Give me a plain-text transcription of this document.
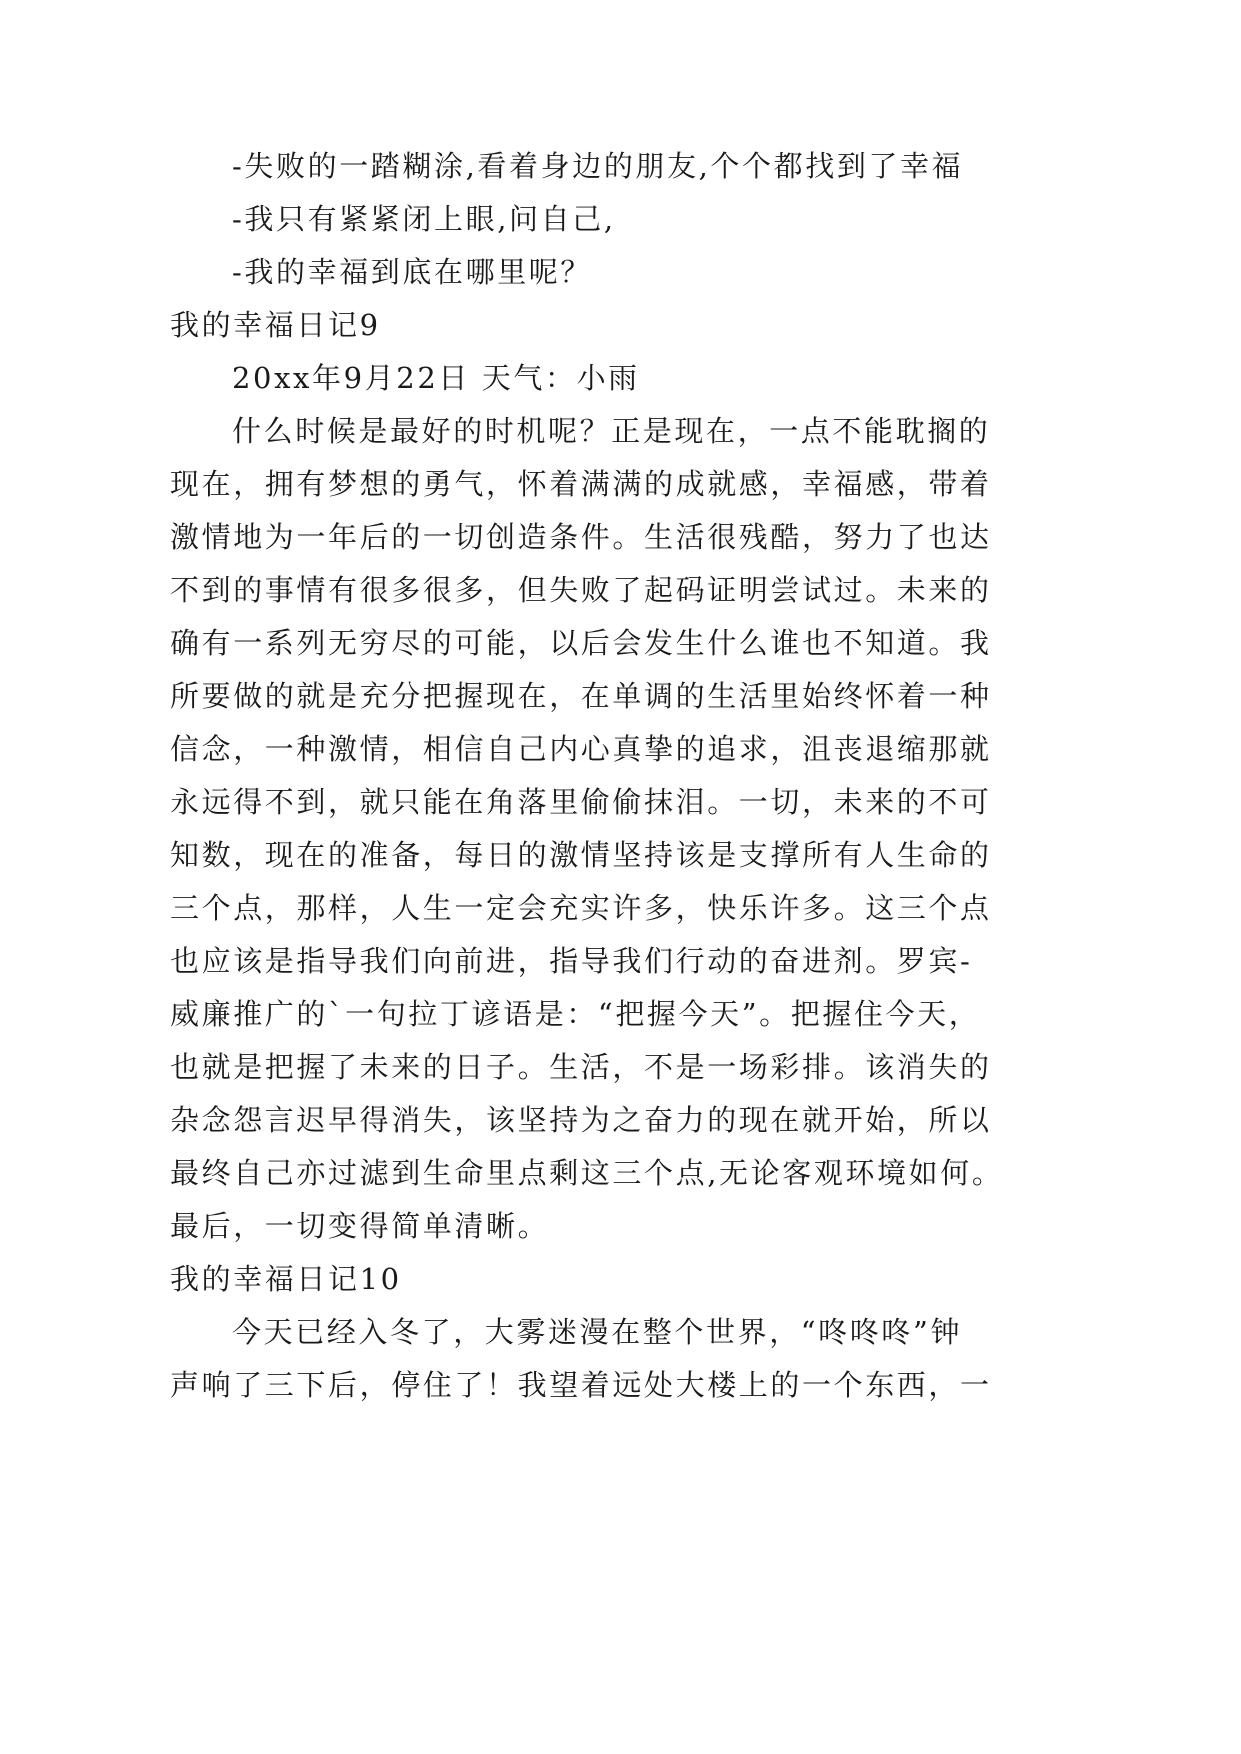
-失败的一踏糊涂,看着身边的朋友,个个都找到了幸福
-我只有紧紧闭上眼,问自己,
-我的幸福到底在哪里呢？
我的幸福日记9
20xx年9月22日 天气：小雨
什么时候是最好的时机呢？正是现在，一点不能耽搁的
现在，拥有梦想的勇气，怀着满满的成就感，幸福感，带着
激情地为一年后的一切创造条件。生活很残酷，努力了也达
不到的事情有很多很多，但失败了起码证明尝试过。未来的
确有一系列无穷尽的可能，以后会发生什么谁也不知道。我
所要做的就是充分把握现在，在单调的生活里始终怀着一种
信念，一种激情，相信自己内心真挚的追求，沮丧退缩那就
永远得不到，就只能在角落里偷偷抹泪。一切，未来的不可
知数，现在的准备，每日的激情坚持该是支撑所有人生命的
三个点，那样，人生一定会充实许多，快乐许多。这三个点
也应该是指导我们向前进，指导我们行动的奋进剂。罗宾-
威廉推广的`一句拉丁谚语是：“把握今天”。把握住今天，
也就是把握了未来的日子。生活，不是一场彩排。该消失的
杂念怨言迟早得消失，该坚持为之奋力的现在就开始，所以
最终自己亦过滤到生命里点剩这三个点,无论客观环境如何。
最后，一切变得简单清晰。
我的幸福日记10
今天已经入冬了，大雾迷漫在整个世界，“咚咚咚”钟
声响了三下后，停住了！我望着远处大楼上的一个东西，一
